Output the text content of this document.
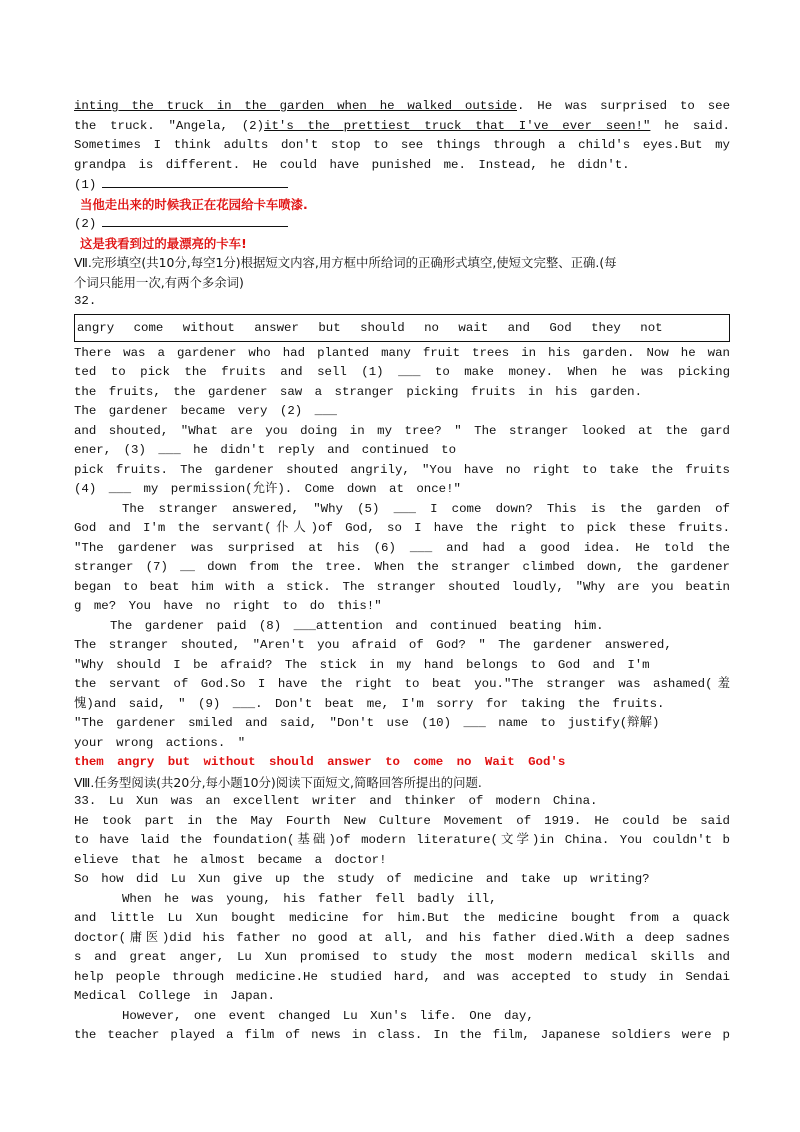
inting the truck in the garden when he walked outside. He was surprised to see
the truck. "Angela, (2)it's the prettiest truck that I've ever seen!" he said.
Sometimes I think adults don't stop to see things through a child's eyes.But my
grandpa is different. He could have punished me. Instead, he didn't.
(1)
当他走出来的时候我正在花园给卡车喷漆.
(2)
这是我看到过的最漂亮的卡车!
Ⅶ.完形填空(共10分,每空1分)根据短文内容,用方框中所给词的正确形式填空,使短文完整、正确.(每
个词只能用一次,有两个多余词)
32.
angry come without answer but should no wait and God they not
There was a gardener who had planted many fruit trees in his garden. Now he wan
ted to pick the fruits and sell (1) ___ to make money. When he was picking
the fruits, the gardener saw a stranger picking fruits in his garden.
The gardener became very (2) ___
and shouted, "What are you doing in my tree? " The stranger looked at the gard
ener, (3) ___ he didn't reply and continued to
pick fruits. The gardener shouted angrily, "You have no right to take the fruits
(4) ___ my permission(允许). Come down at once!"
The stranger answered, "Why (5) ___ I come down? This is the garden of
God and I'm the servant(仆人)of God, so I have the right to pick these fruits.
"The gardener was surprised at his (6) ___ and had a good idea. He told the
stranger (7) __ down from the tree. When the stranger climbed down, the gardener
began to beat him with a stick. The stranger shouted loudly, "Why are you beatin
g me? You have no right to do this!"
The gardener paid (8) ___attention and continued beating him.
The stranger shouted, "Aren't you afraid of God? " The gardener answered,
"Why should I be afraid? The stick in my hand belongs to God and I'm
the servant of God.So I have the right to beat you."The stranger was ashamed(羞
愧)and said, " (9) ___. Don't beat me, I'm sorry for taking the fruits.
"The gardener smiled and said, "Don't use (10) ___ name to justify(辩解)
your wrong actions. "
them angry but without should answer to come no Wait God's
Ⅷ.任务型阅读(共20分,每小题10分)阅读下面短文,简略回答所提出的问题.
33. Lu Xun was an excellent writer and thinker of modern China.
He took part in the May Fourth New Culture Movement of 1919. He could be said
to have laid the foundation(基础)of modern literature(文学)in China. You couldn't b
elieve that he almost became a doctor!
So how did Lu Xun give up the study of medicine and take up writing?
When he was young, his father fell badly ill,
and little Lu Xun bought medicine for him.But the medicine bought from a quack
doctor(庸医)did his father no good at all, and his father died.With a deep sadnes
s and great anger, Lu Xun promised to study the most modern medical skills and
help people through medicine.He studied hard, and was accepted to study in Sendai
Medical College in Japan.
However, one event changed Lu Xun's life. One day,
the teacher played a film of news in class. In the film, Japanese soldiers were p
